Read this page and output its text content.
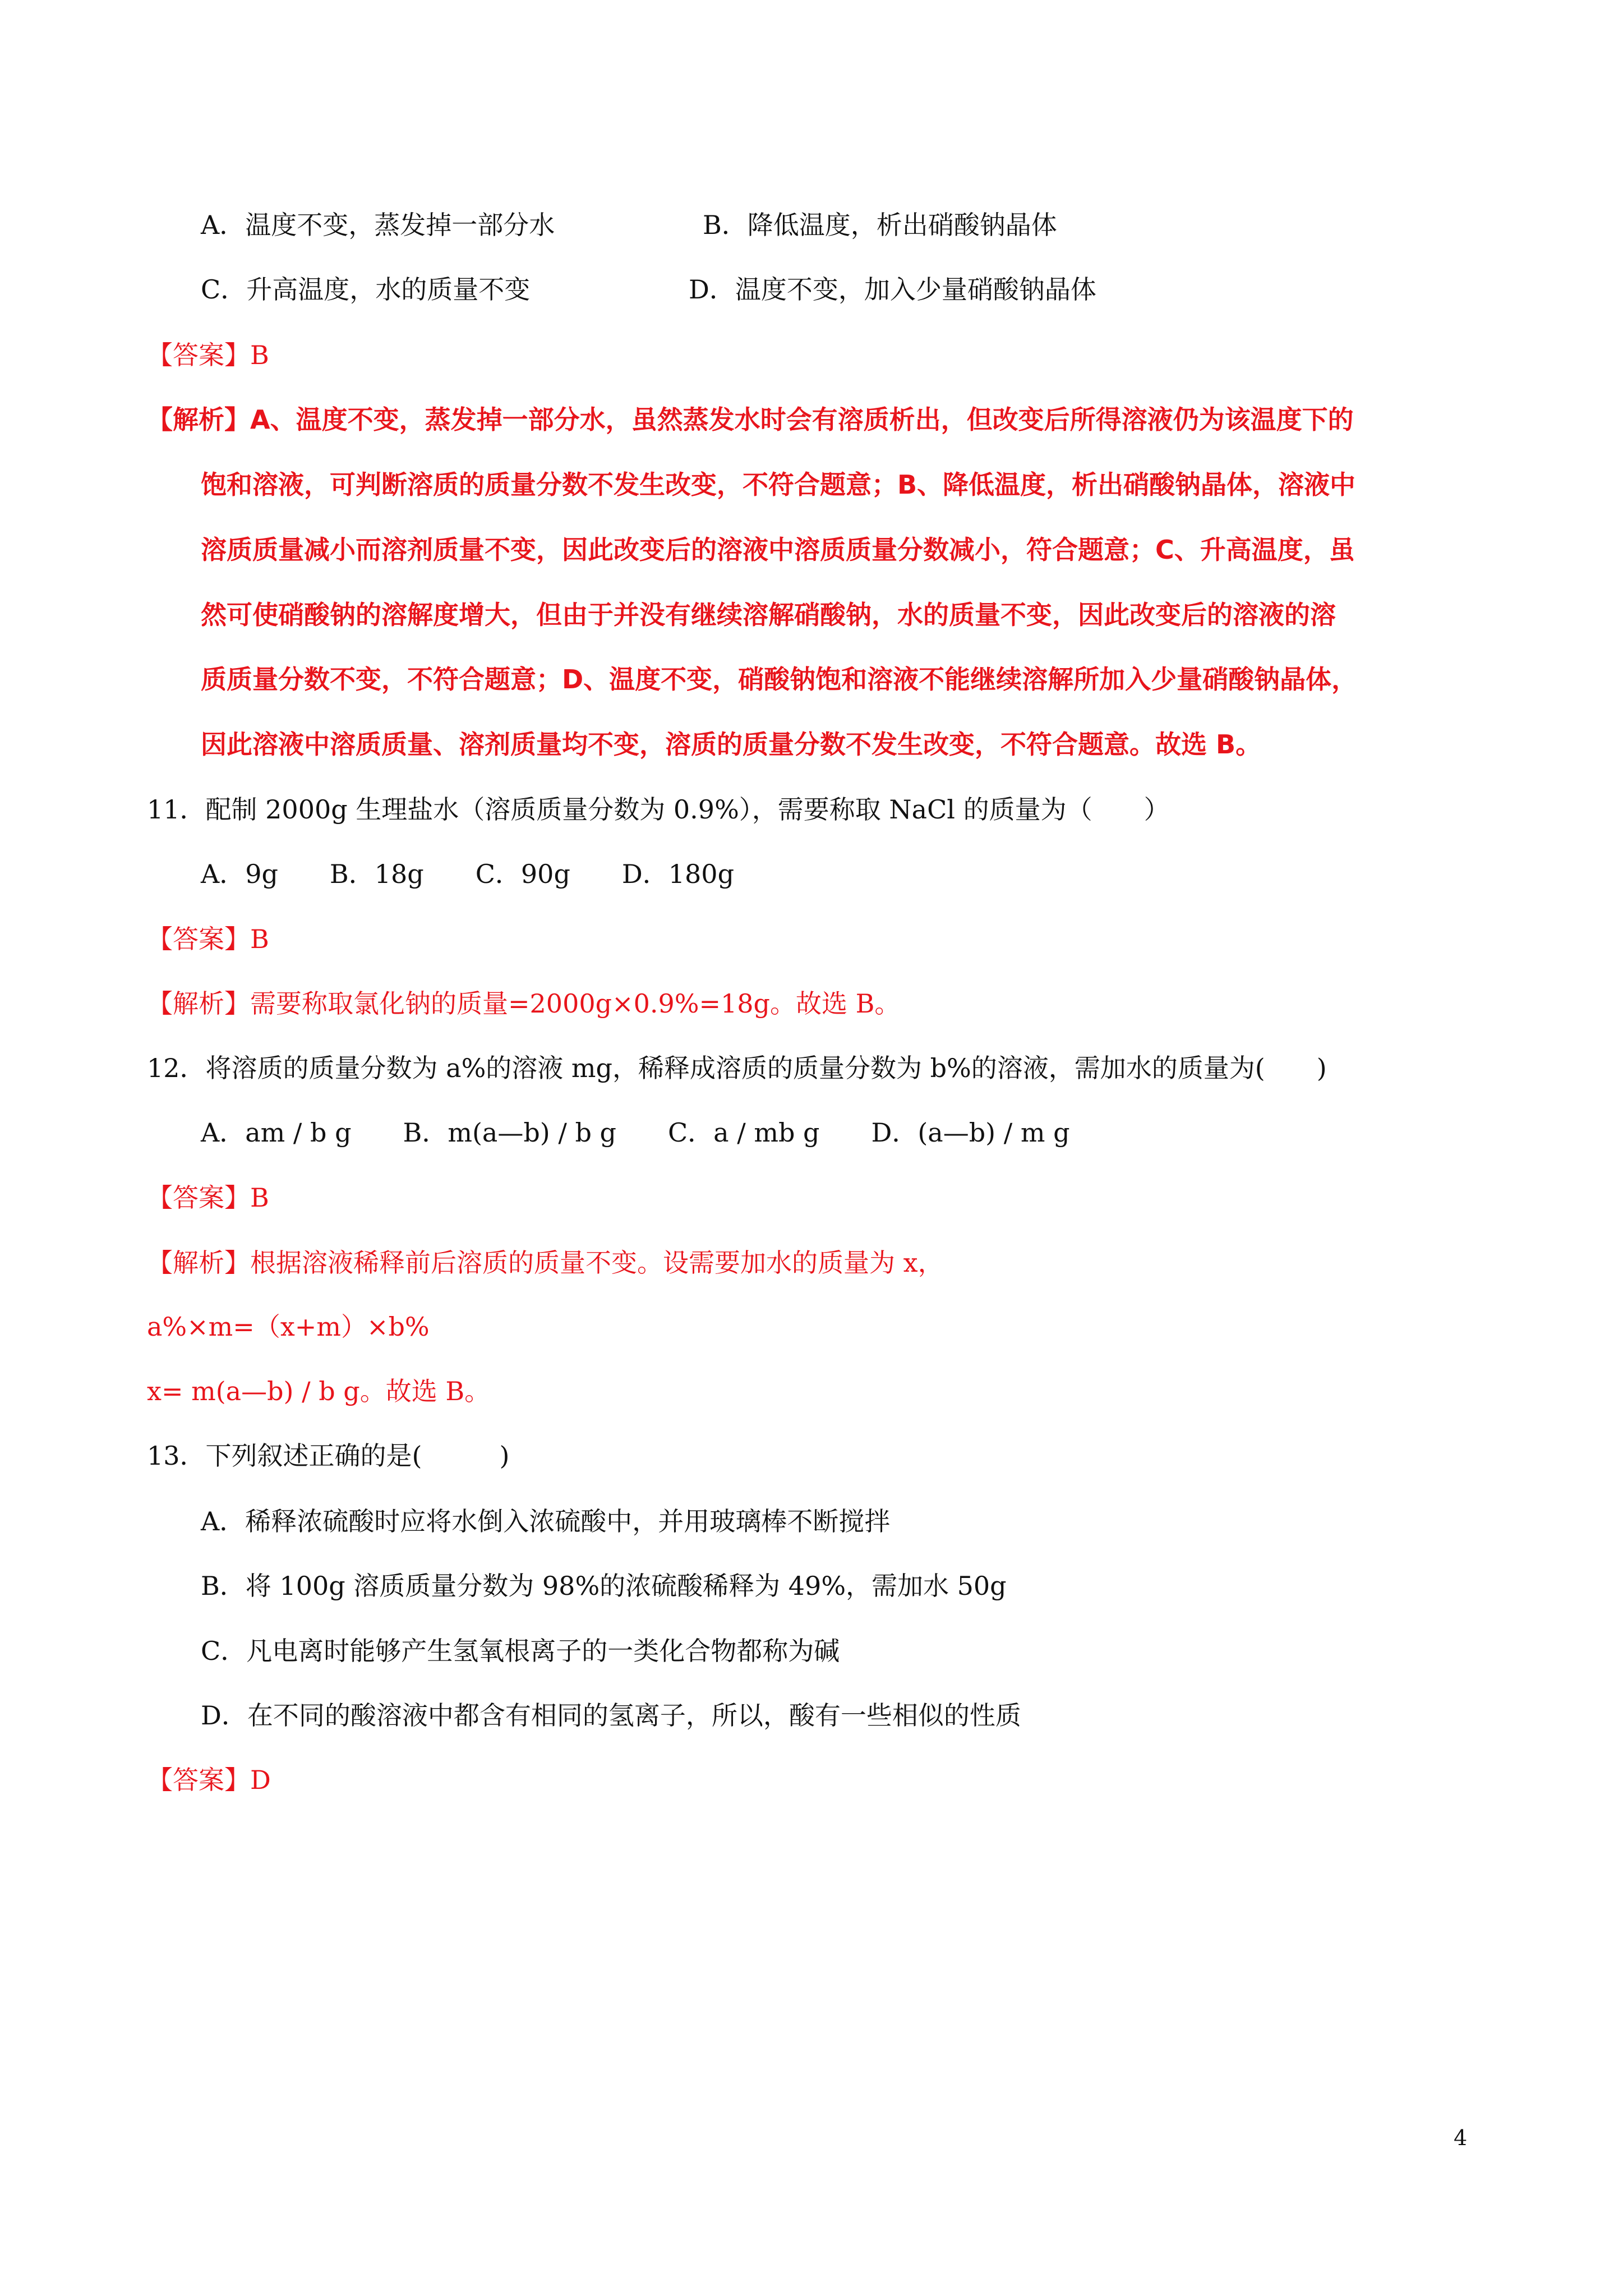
A．温度不变，蒸发掉一部分水	B．降低温度，析出硝酸钠晶体
C．升高温度，水的质量不变	D．温度不变，加入少量硝酸钠晶体
【答案】B
【解析】A、温度不变，蒸发掉一部分水，虽然蒸发水时会有溶质析出，但改变后所得溶液仍为该温度下的
饱和溶液，可判断溶质的质量分数不发生改变，不符合题意；B、降低温度，析出硝酸钠晶体，溶液中
溶质质量减小而溶剂质量不变，因此改变后的溶液中溶质质量分数减小，符合题意；C、升高温度，虽
然可使硝酸钠的溶解度增大，但由于并没有继续溶解硝酸钠，水的质量不变，因此改变后的溶液的溶
质质量分数不变，不符合题意；D、温度不变，硝酸钠饱和溶液不能继续溶解所加入少量硝酸钠晶体，
因此溶液中溶质质量、溶剂质量均不变，溶质的质量分数不发生改变，不符合题意。故选 B。
11．配制 2000g 生理盐水（溶质质量分数为 0.9%），需要称取 NaCl 的质量为（　　）
A．9g　　B．18g　　C．90g　　D．180g
【答案】B
【解析】需要称取氯化钠的质量=2000g×0.9%=18g。故选 B。
12．将溶质的质量分数为 a%的溶液 mg，稀释成溶质的质量分数为 b%的溶液，需加水的质量为(　　)
A．am / b g　　B．m(a—b) / b g　　C．a / mb g　　D．(a—b) / m g
【答案】B
【解析】根据溶液稀释前后溶质的质量不变。设需要加水的质量为 x，
a%×m=（x+m）×b%
x= m(a—b) / b g。故选 B。
13．下列叙述正确的是(　　　)
A．稀释浓硫酸时应将水倒入浓硫酸中，并用玻璃棒不断搅拌
B．将 100g 溶质质量分数为 98%的浓硫酸稀释为 49%，需加水 50g
C．凡电离时能够产生氢氧根离子的一类化合物都称为碱
D．在不同的酸溶液中都含有相同的氢离子，所以，酸有一些相似的性质
【答案】D
4
